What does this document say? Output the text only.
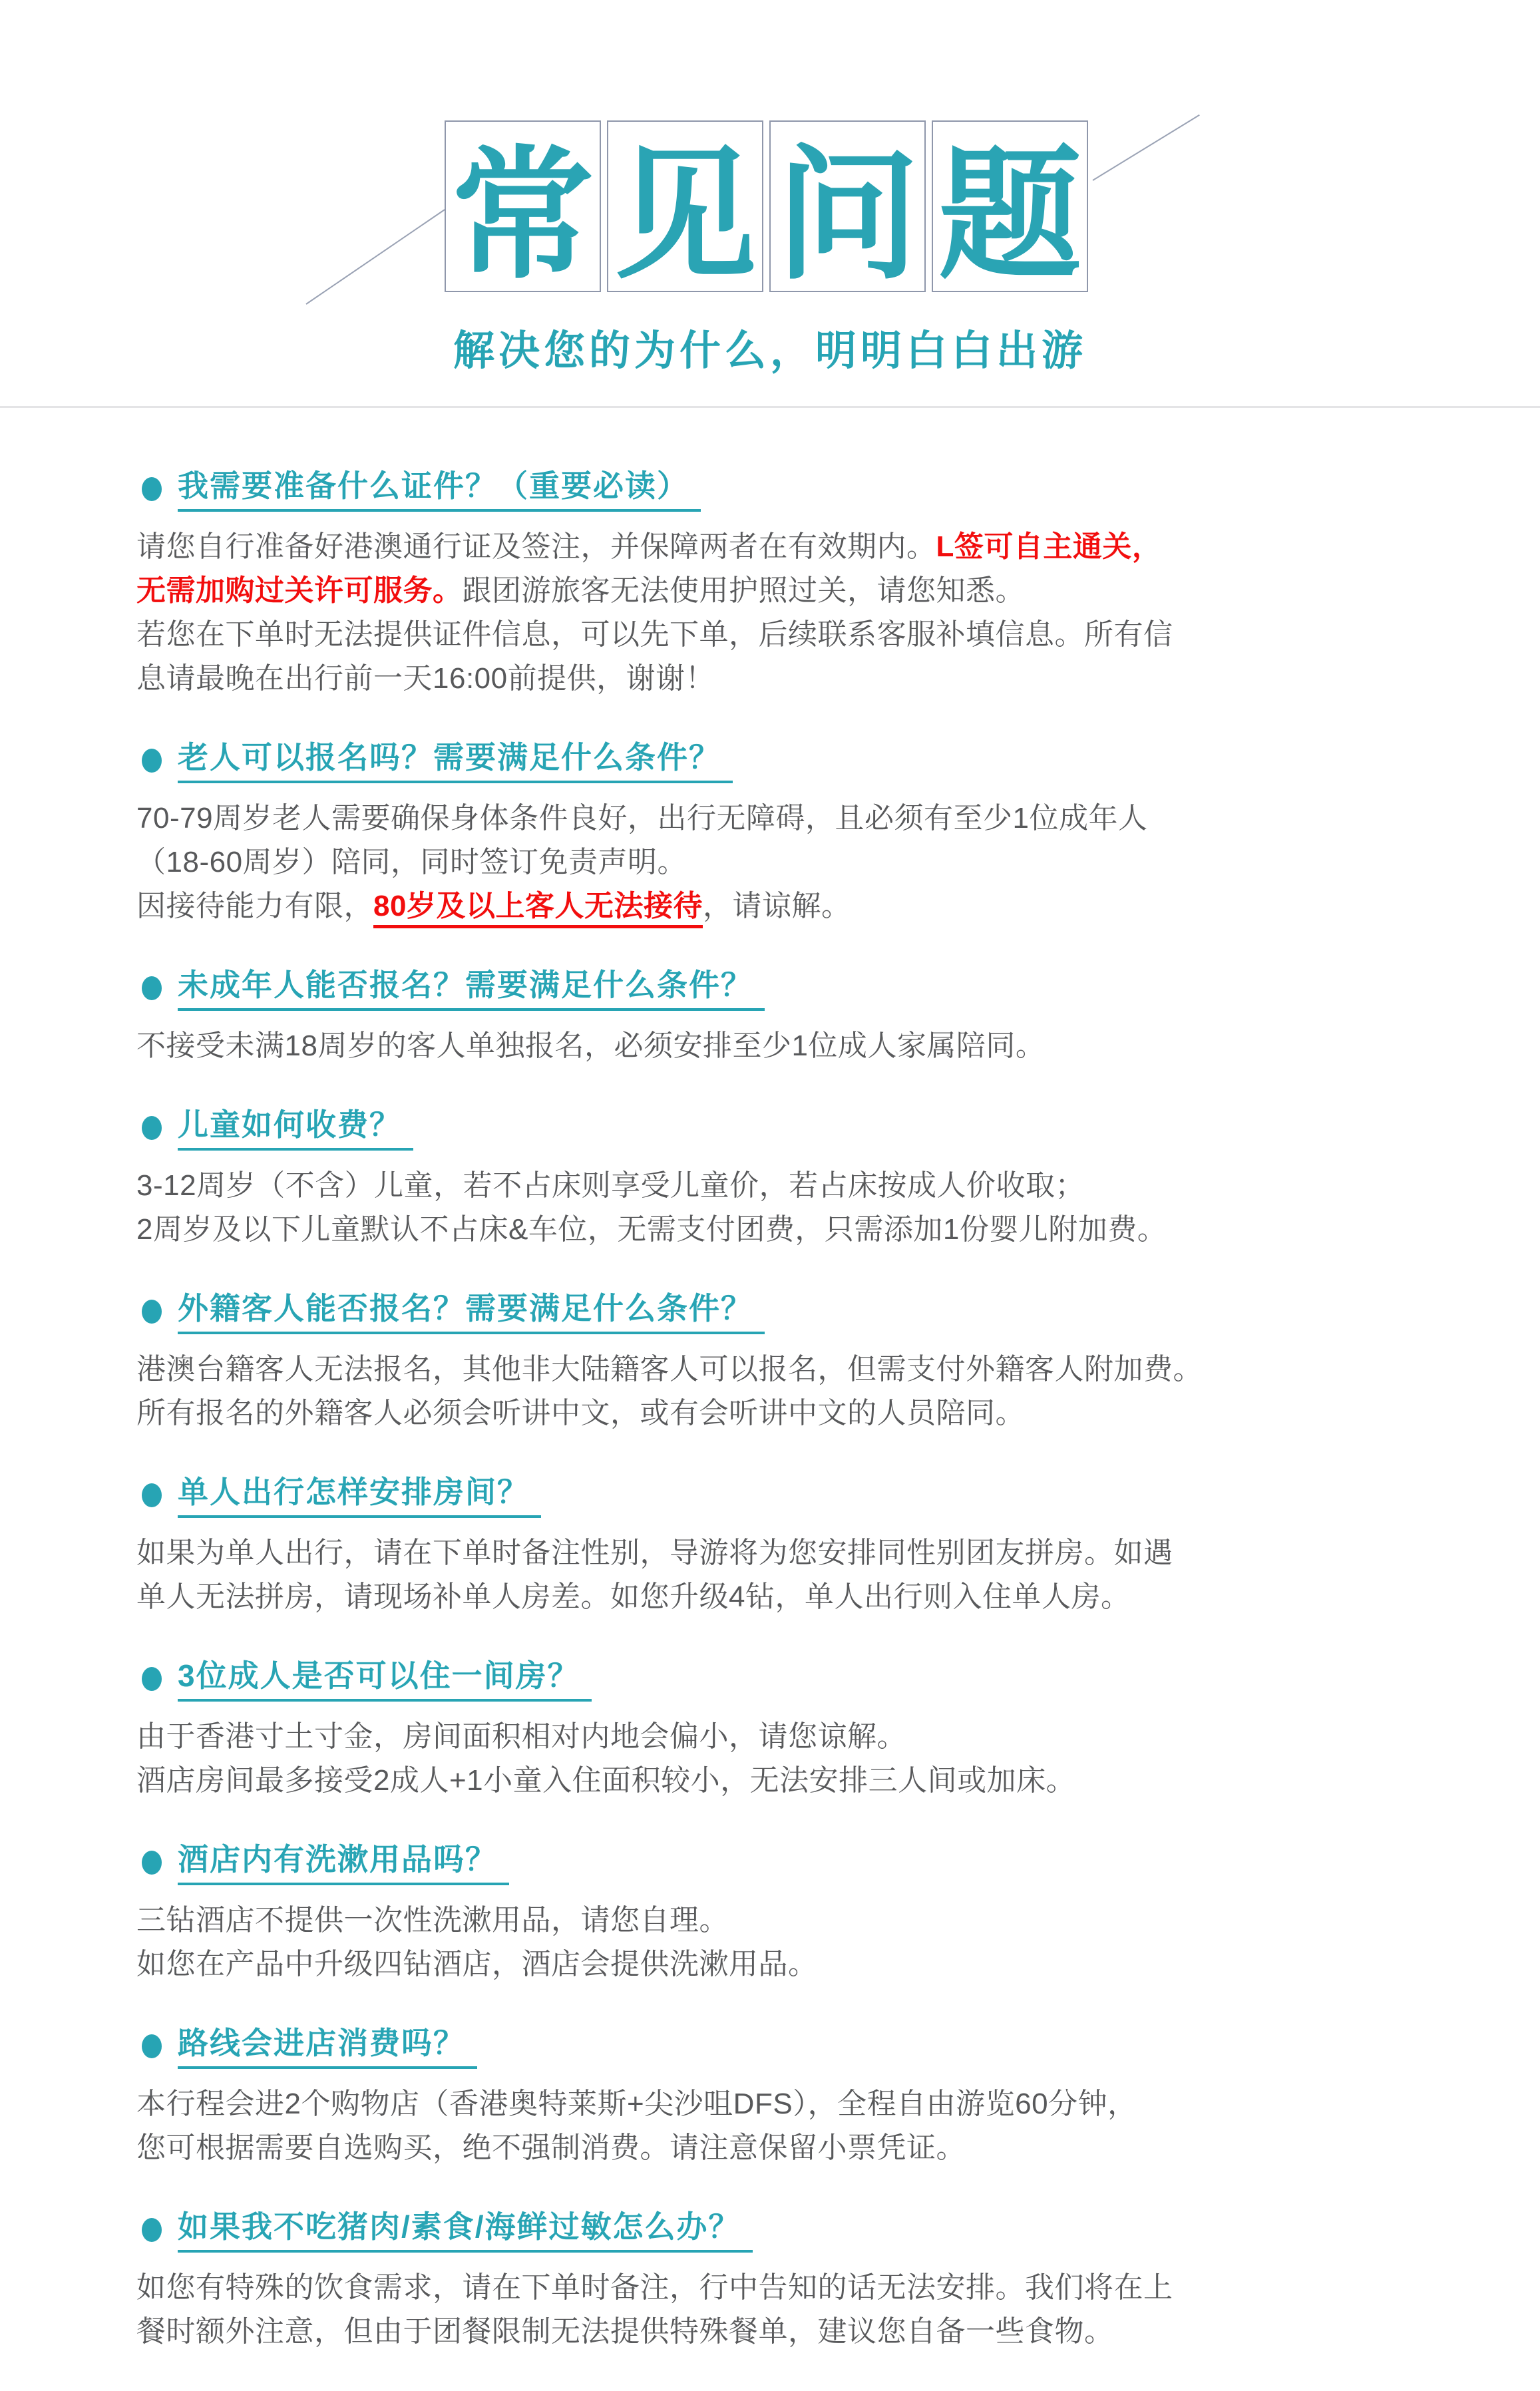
常 见 问 题
解决您的为什么，明明白白出游
我需要准备什么证件？（重要必读）
请您自行准备好港澳通行证及签注，并保障两者在有效期内。L签可自主通关，
无需加购过关许可服务。跟团游旅客无法使用护照过关，请您知悉。
若您在下单时无法提供证件信息，可以先下单，后续联系客服补填信息。所有信
息请最晚在出行前一天16:00前提供，谢谢！
老人可以报名吗？需要满足什么条件？
70-79周岁老人需要确保身体条件良好，出行无障碍，且必须有至少1位成年人
（18-60周岁）陪同，同时签订免责声明。
因接待能力有限，80岁及以上客人无法接待，请谅解。
未成年人能否报名？需要满足什么条件？
不接受未满18周岁的客人单独报名，必须安排至少1位成人家属陪同。
儿童如何收费？
3-12周岁（不含）儿童，若不占床则享受儿童价，若占床按成人价收取；
2周岁及以下儿童默认不占床&车位，无需支付团费，只需添加1份婴儿附加费。
外籍客人能否报名？需要满足什么条件？
港澳台籍客人无法报名，其他非大陆籍客人可以报名，但需支付外籍客人附加费。
所有报名的外籍客人必须会听讲中文，或有会听讲中文的人员陪同。
单人出行怎样安排房间？
如果为单人出行，请在下单时备注性别，导游将为您安排同性别团友拼房。如遇
单人无法拼房，请现场补单人房差。如您升级4钻，单人出行则入住单人房。
3位成人是否可以住一间房？
由于香港寸土寸金，房间面积相对内地会偏小，请您谅解。
酒店房间最多接受2成人+1小童入住面积较小，无法安排三人间或加床。
酒店内有洗漱用品吗？
三钻酒店不提供一次性洗漱用品，请您自理。
如您在产品中升级四钻酒店，酒店会提供洗漱用品。
路线会进店消费吗？
本行程会进2个购物店（香港奥特莱斯+尖沙咀DFS），全程自由游览60分钟，
您可根据需要自选购买，绝不强制消费。请注意保留小票凭证。
如果我不吃猪肉/素食/海鲜过敏怎么办？
如您有特殊的饮食需求，请在下单时备注，行中告知的话无法安排。我们将在上
餐时额外注意，但由于团餐限制无法提供特殊餐单，建议您自备一些食物。
